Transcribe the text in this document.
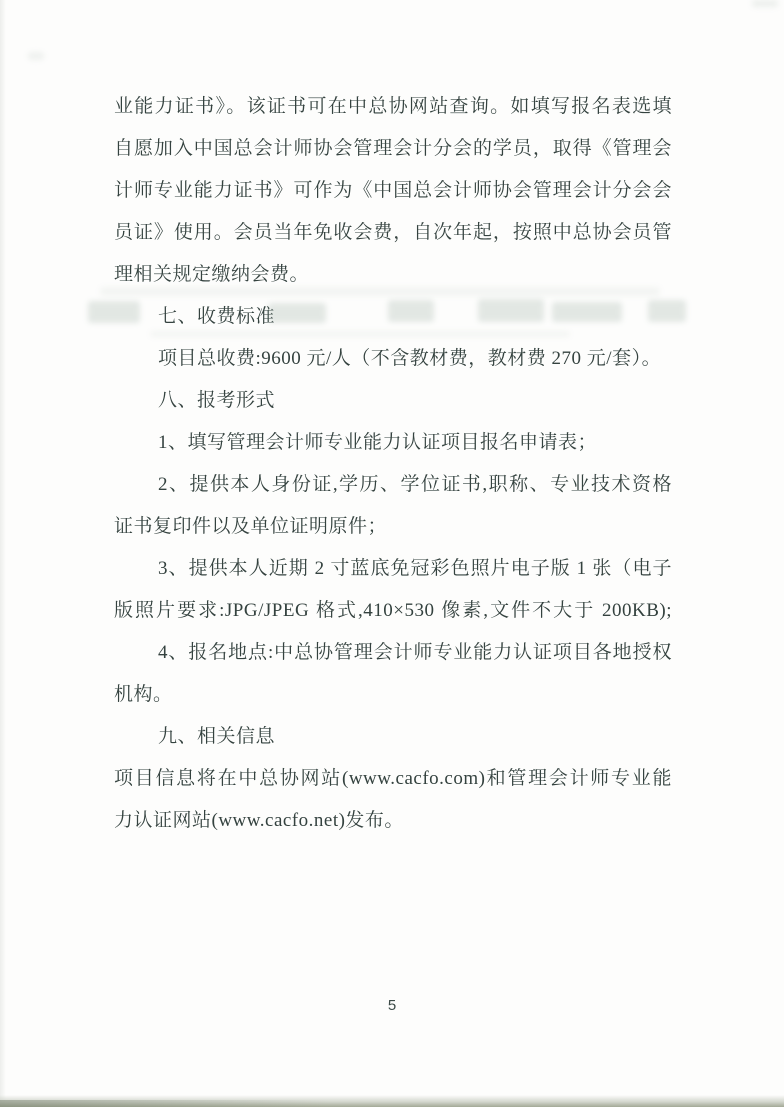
业能力证书》。该证书可在中总协网站查询。如填写报名表选填
自愿加入中国总会计师协会管理会计分会的学员，取得《管理会
计师专业能力证书》可作为《中国总会计师协会管理会计分会会
员证》使用。会员当年免收会费，自次年起，按照中总协会员管
理相关规定缴纳会费。
七、收费标准
项目总收费:9600 元/人（不含教材费，教材费 270 元/套）。
八、报考形式
1、填写管理会计师专业能力认证项目报名申请表；
2、提供本人身份证,学历、学位证书,职称、专业技术资格
证书复印件以及单位证明原件；
3、提供本人近期 2 寸蓝底免冠彩色照片电子版 1 张（电子
版照片要求:JPG/JPEG 格式,410×530 像素,文件不大于 200KB);
4、报名地点:中总协管理会计师专业能力认证项目各地授权
机构。
九、相关信息
项目信息将在中总协网站(www.cacfo.com)和管理会计师专业能
力认证网站(www.cacfo.net)发布。
5
